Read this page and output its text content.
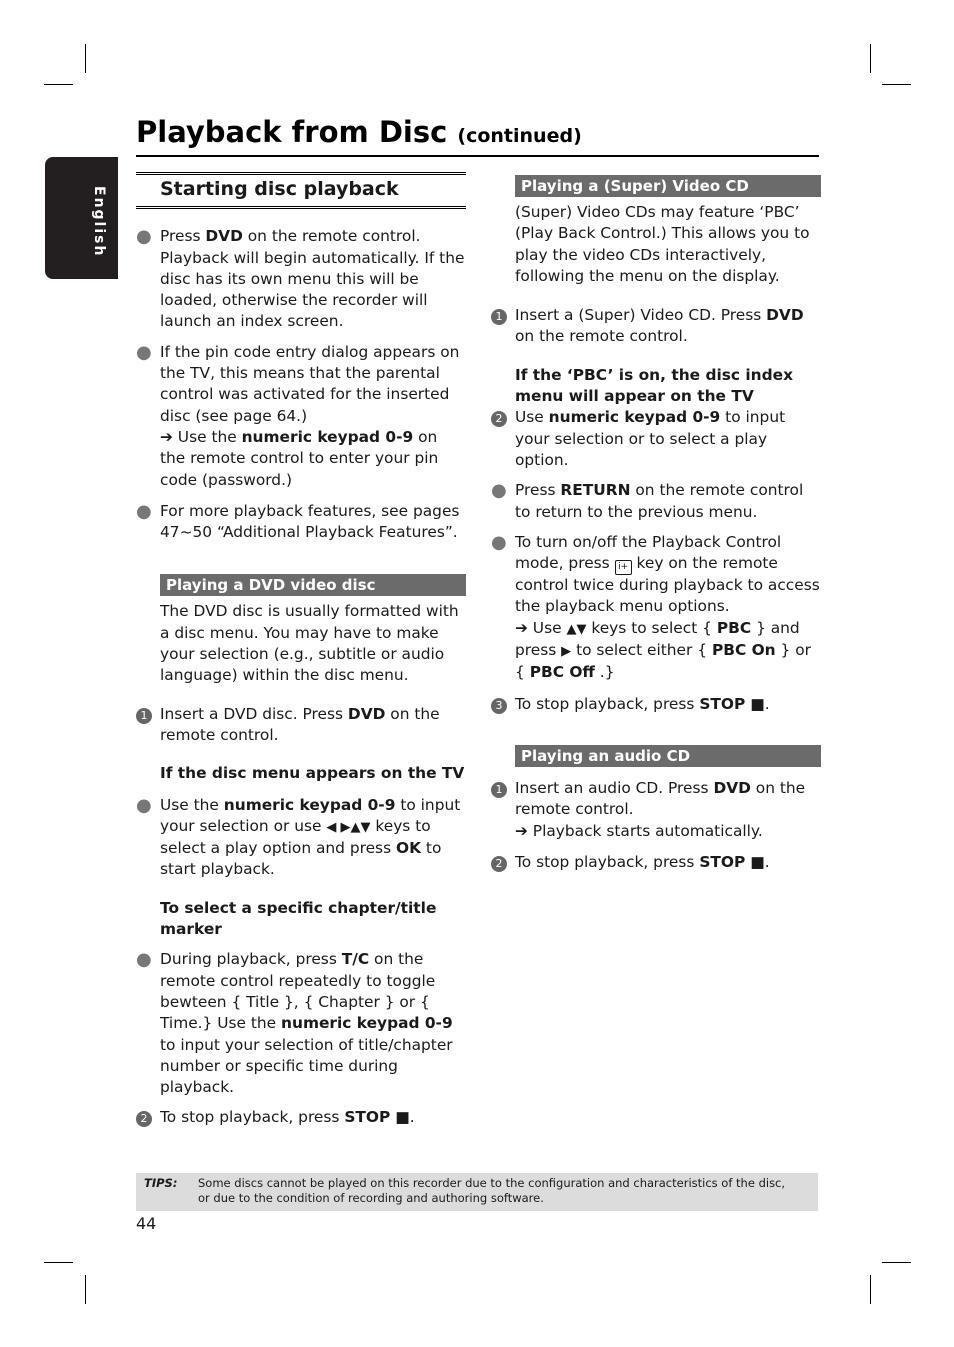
English
Playback from Disc (continued)
Starting disc playback
● Press DVD on the remote control. Playback will begin automatically. If the disc has its own menu this will be loaded, otherwise the recorder will launch an index screen.

● If the pin code entry dialog appears on the TV, this means that the parental control was activated for the inserted disc (see page 64.)
➔ Use the numeric keypad 0-9 on the remote control to enter your pin code (password.)

● For more playback features, see pages 47~50 “Additional Playback Features”.

Playing a DVD video disc

The DVD disc is usually formatted with a disc menu. You may have to make your selection (e.g., subtitle or audio language) within the disc menu.

1 Insert a DVD disc. Press DVD on the remote control.

If the disc menu appears on the TV

● Use the numeric keypad 0-9 to input your selection or use ◀ ▶▲▼ keys to select a play option and press OK to start playback.

To select a specific chapter/title marker

● During playback, press T/C on the remote control repeatedly to toggle bewteen { Title }, { Chapter } or { Time.} Use the numeric keypad 0-9 to input your selection of title/chapter number or specific time during playback.

2 To stop playback, press STOP ■.

Playing a (Super) Video CD

(Super) Video CDs may feature ‘PBC’ (Play Back Control.) This allows you to play the video CDs interactively, following the menu on the display.

1 Insert a (Super) Video CD. Press DVD on the remote control.

If the ‘PBC’ is on, the disc index menu will appear on the TV

2 Use numeric keypad 0-9 to input your selection or to select a play option.

● Press RETURN on the remote control to return to the previous menu.

● To turn on/off the Playback Control mode, press i+ key on the remote control twice during playback to access the playback menu options.
➔ Use ▲▼ keys to select { PBC } and press ▶ to select either { PBC On } or { PBC Off .}

3 To stop playback, press STOP ■.

Playing an audio CD
1 Insert an audio CD. Press DVD on the remote control.
➔ Playback starts automatically.

2 To stop playback, press STOP ■.

TIPS: Some discs cannot be played on this recorder due to the configuration and characteristics of the disc, or due to the condition of recording and authoring software.
44
